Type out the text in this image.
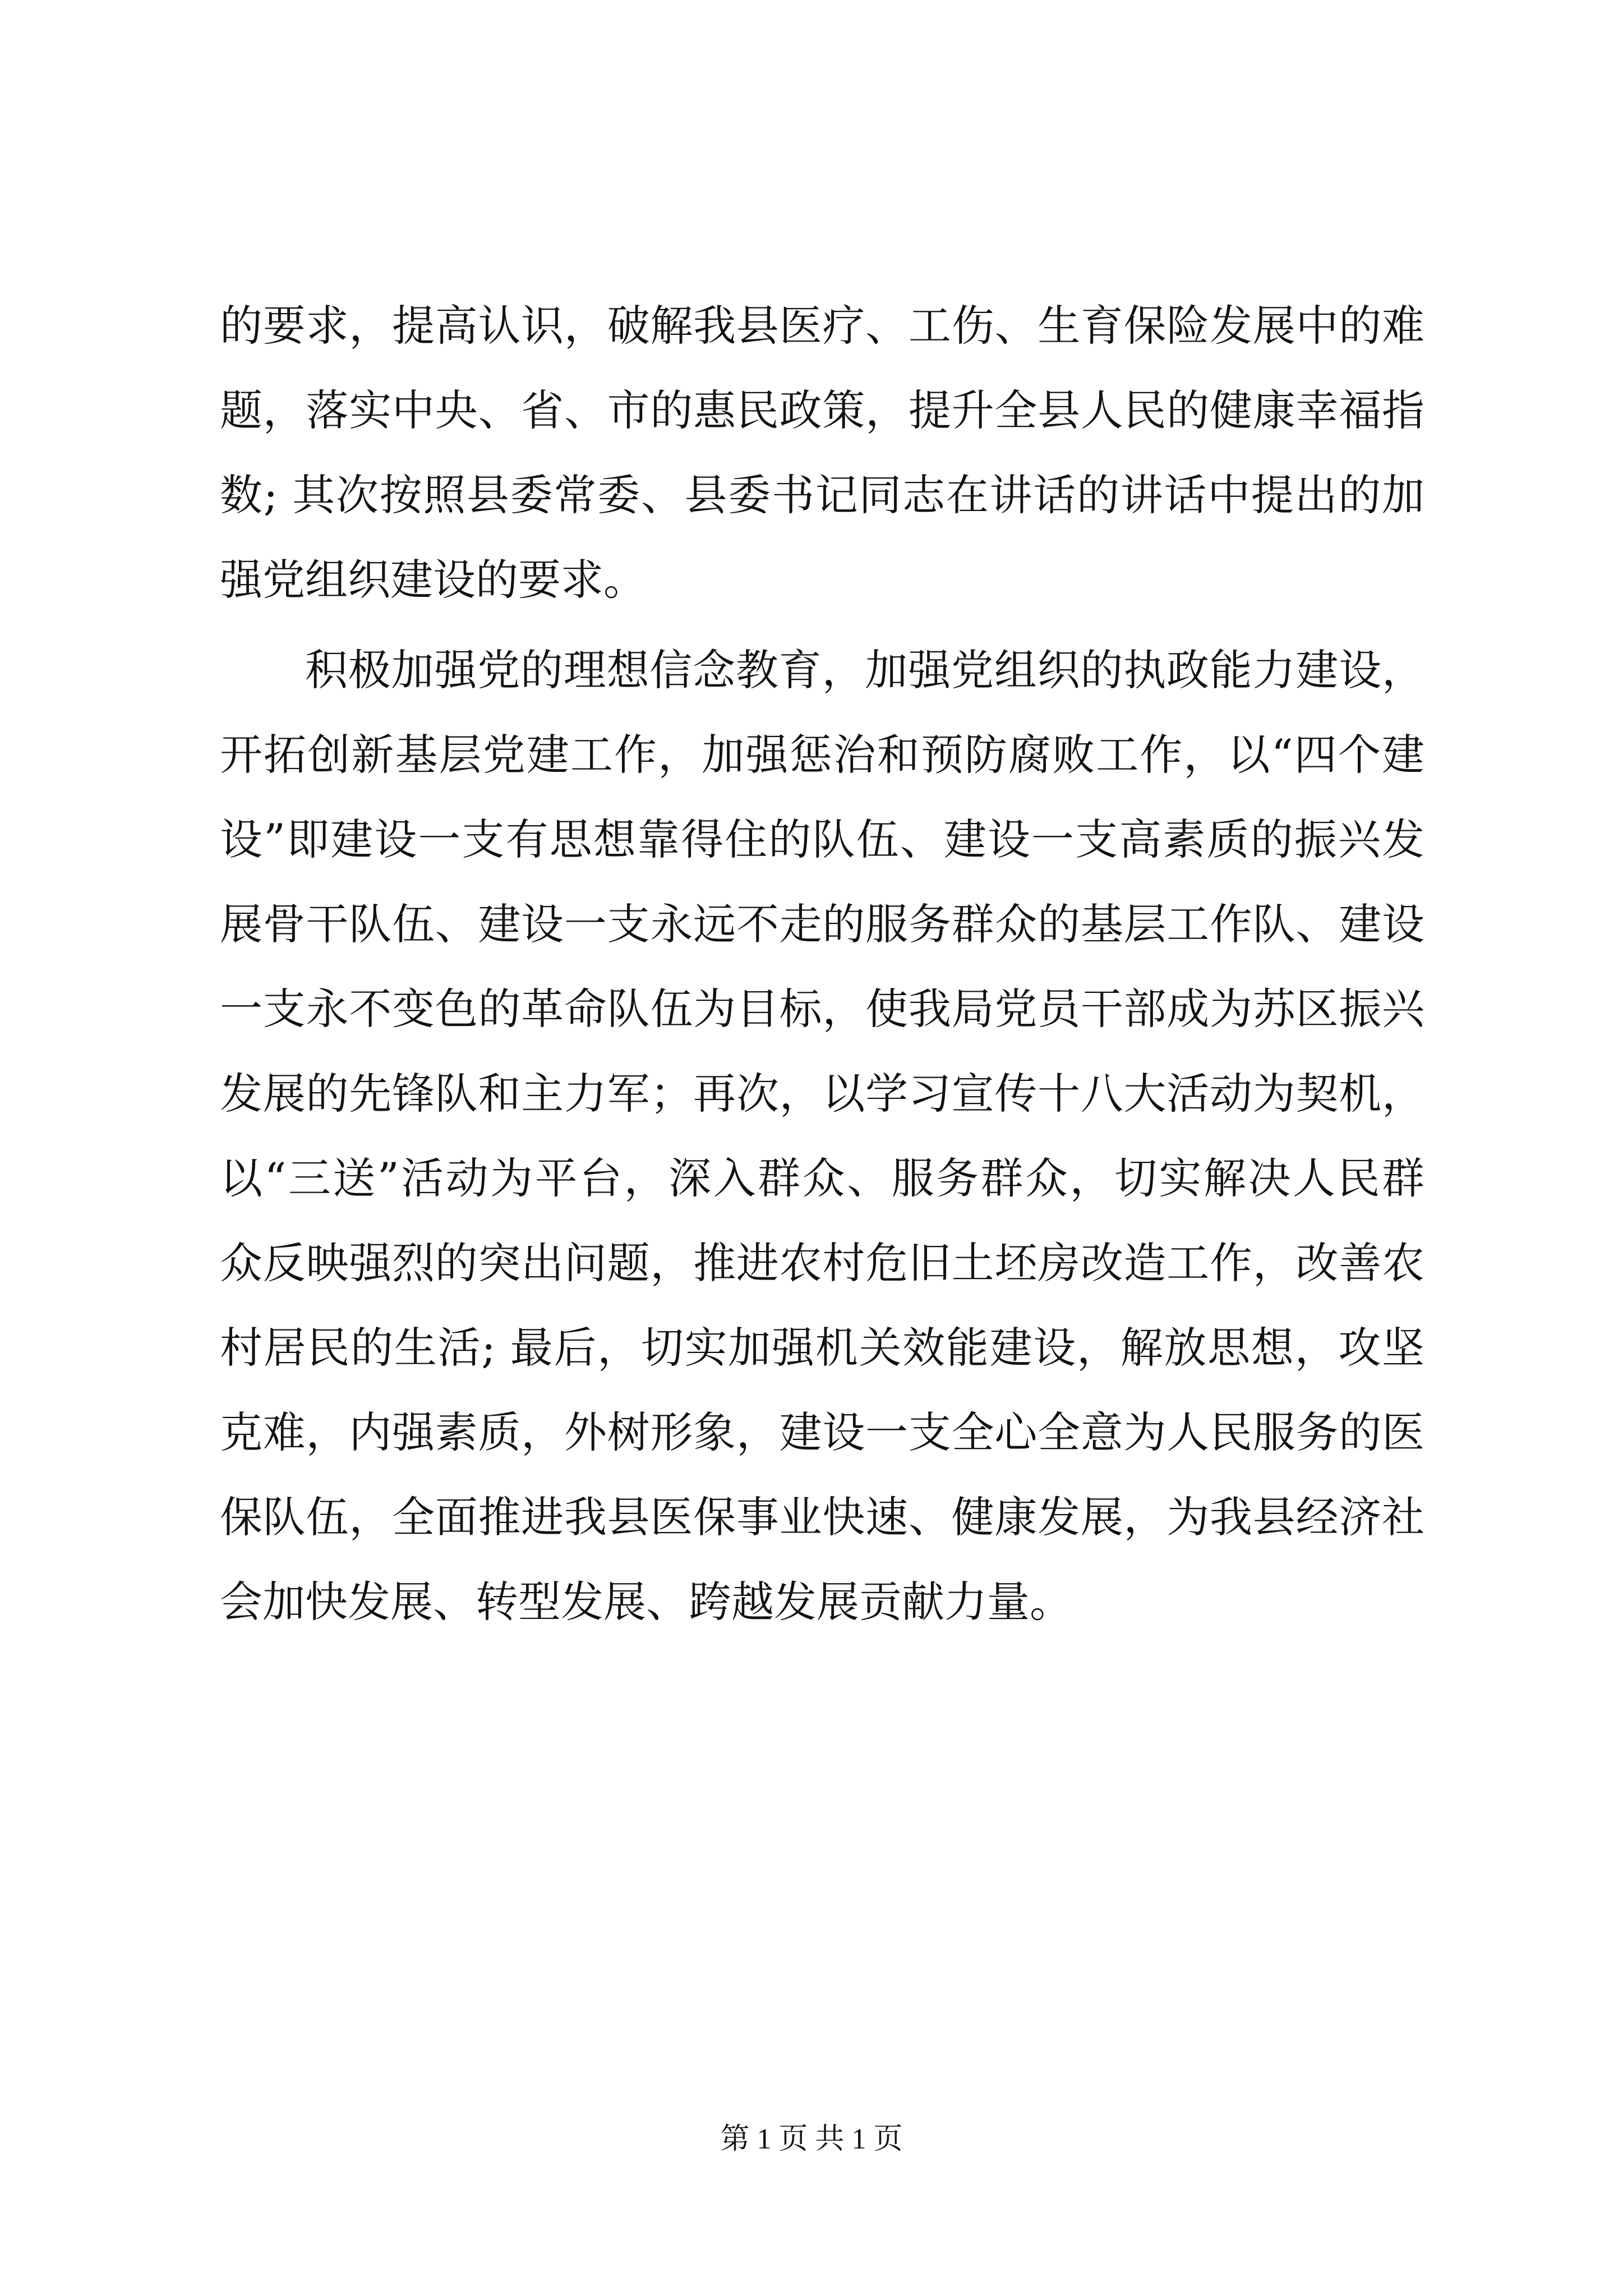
的要求，提高认识，破解我县医疗、工伤、生育保险发展中的难
题，落实中央、省、市的惠民政策，提升全县人民的健康幸福指
数; 其次按照县委常委、县委书记同志在讲话的讲话中提出的加
强党组织建设的要求。
积极加强党的理想信念教育，加强党组织的执政能力建设，
开拓创新基层党建工作，加强惩治和预防腐败工作，以“四个建
设”即建设一支有思想靠得住的队伍、建设一支高素质的振兴发
展骨干队伍、建设一支永远不走的服务群众的基层工作队、建设
一支永不变色的革命队伍为目标，使我局党员干部成为苏区振兴
发展的先锋队和主力军；再次，以学习宣传十八大活动为契机，
以“三送”活动为平台，深入群众、服务群众，切实解决人民群
众反映强烈的突出问题，推进农村危旧土坯房改造工作，改善农
村居民的生活; 最后，切实加强机关效能建设，解放思想，攻坚
克难，内强素质，外树形象，建设一支全心全意为人民服务的医
保队伍，全面推进我县医保事业快速、健康发展，为我县经济社
会加快发展、转型发展、跨越发展贡献力量。
第 1 页 共 1 页
